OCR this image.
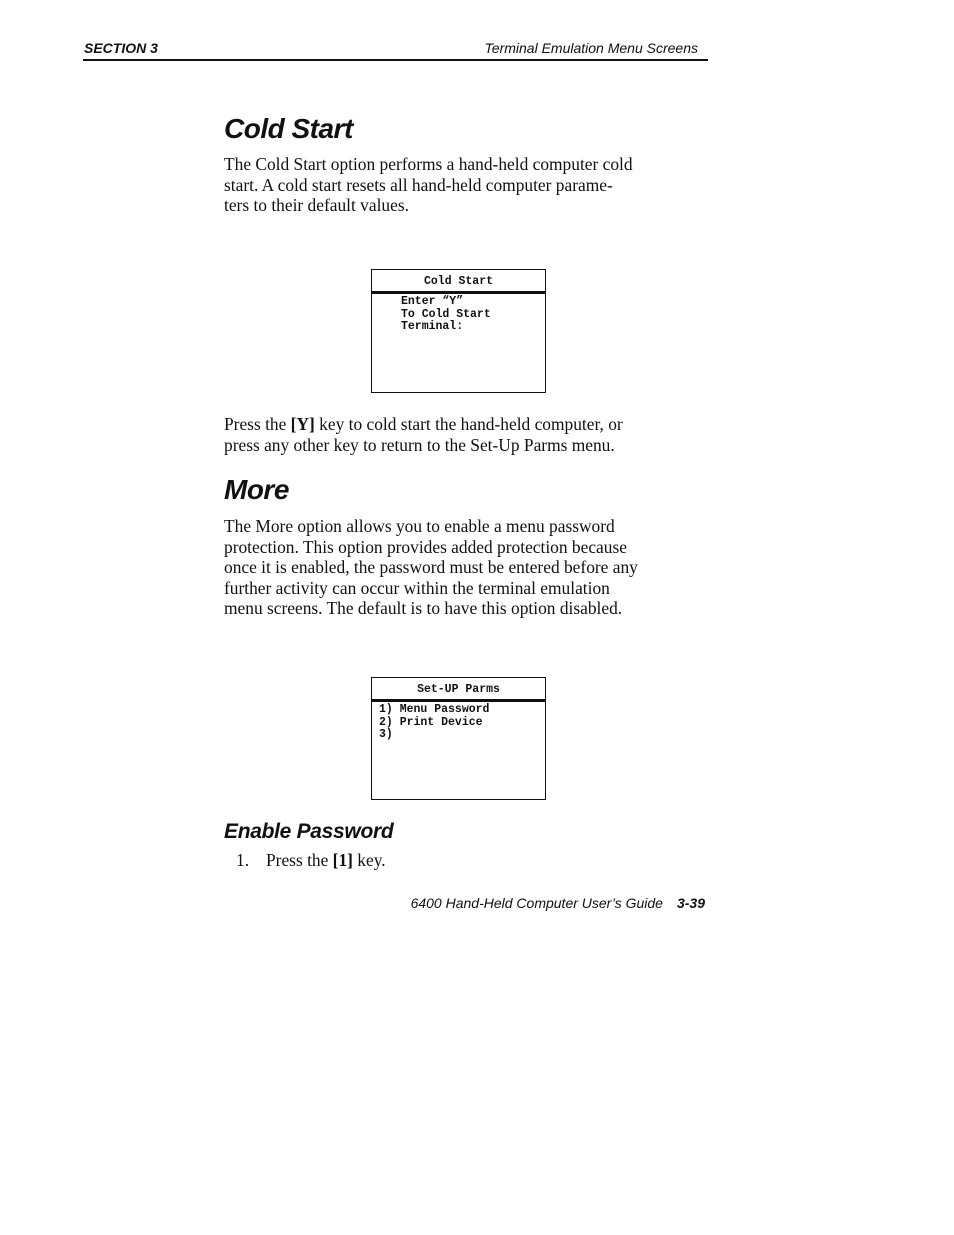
SECTION 3	Terminal Emulation Menu Screens
Cold Start

The Cold Start option performs a hand-held computer cold
start. A cold start resets all hand-held computer parame-
ters to their default values.

Cold Start
Enter “Y”
To Cold Start
Terminal:

Press the [Y] key to cold start the hand-held computer, or
press any other key to return to the Set-Up Parms menu.

More

The More option allows you to enable a menu password
protection. This option provides added protection because
once it is enabled, the password must be entered before any
further activity can occur within the terminal emulation
menu screens. The default is to have this option disabled.

Set-UP Parms
1) Menu Password
2) Print Device
3)
Enable Password

1. Press the [1] key.

6400 Hand-Held Computer User’s Guide 3-39
